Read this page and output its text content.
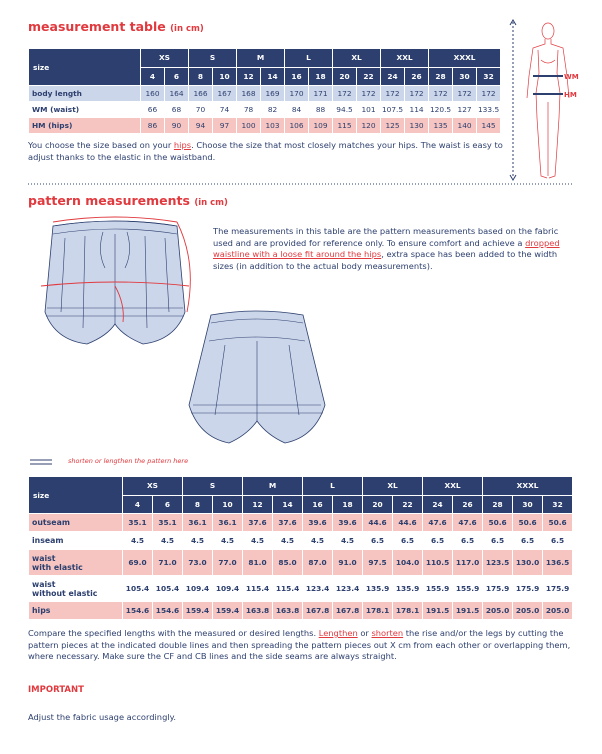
measurement table (in cm)
size	XS		S		M		L		XL		XXL		XXXL		
	4	6	8	10	12	14	16	18	20	22	24	26	28	30	32
body length	160	164	166	167	168	169	170	171	172	172	172	172	172	172	172
WM (waist)	66	68	70	74	78	82	84	88	94.5	101	107.5	114	120.5	127	133.5
HM (hips)	86	90	94	97	100	103	106	109	115	120	125	130	135	140	145
You choose the size based on your hips. Choose the size that most closely matches your hips. The waist is easy to adjust thanks to the elastic in the waistband.
WM
HM
pattern measurements (in cm)
The measurements in this table are the pattern measurements based on the fabric used and are provided for reference only. To ensure comfort and achieve a dropped waistline with a loose fit around the hips, extra space has been added to the width sizes (in addition to the actual body measurements).
shorten or lengthen the pattern here
size	XS		S		M		L		XL		XXL		XXXL		
	4	6	8	10	12	14	16	18	20	22	24	26	28	30	32
outseam	35.1	35.1	36.1	36.1	37.6	37.6	39.6	39.6	44.6	44.6	47.6	47.6	50.6	50.6	50.6
inseam	4.5	4.5	4.5	4.5	4.5	4.5	4.5	4.5	6.5	6.5	6.5	6.5	6.5	6.5	6.5
waist
with elastic	69.0	71.0	73.0	77.0	81.0	85.0	87.0	91.0	97.5	104.0	110.5	117.0	123.5	130.0	136.5
waist
without elastic	105.4	105.4	109.4	109.4	115.4	115.4	123.4	123.4	135.9	135.9	155.9	155.9	175.9	175.9	175.9
hips	154.6	154.6	159.4	159.4	163.8	163.8	167.8	167.8	178.1	178.1	191.5	191.5	205.0	205.0	205.0
Compare the specified lengths with the measured or desired lengths. Lengthen or shorten the rise and/or the legs by cutting the pattern pieces at the indicated double lines and then spreading the pattern pieces out X cm from each other or overlapping them, where necessary. Make sure the CF and CB lines and the side seams are always straight.
IMPORTANT
Adjust the fabric usage accordingly.
